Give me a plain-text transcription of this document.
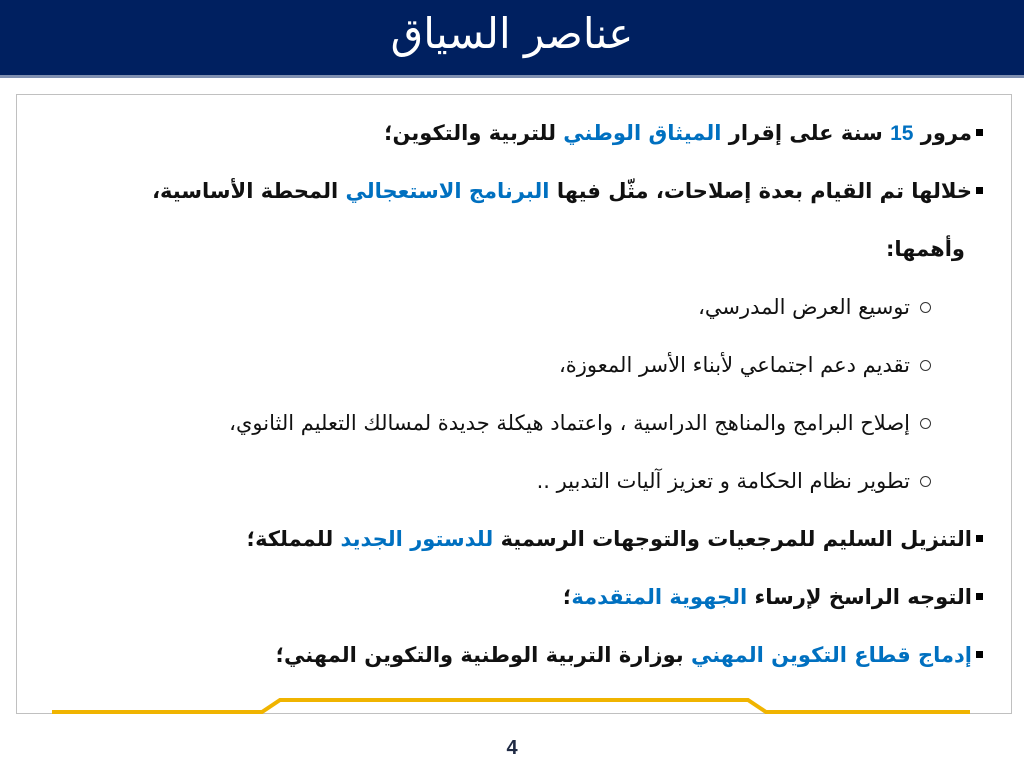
عناصر السياق
مرور 15 سنة على إقرار الميثاق الوطني للتربية والتكوين؛
خلالها تم القيام بعدة إصلاحات، مثّل فيها البرنامج الاستعجالي المحطة الأساسية،
وأهمها:
توسيع العرض المدرسي،
تقديم دعم اجتماعي لأبناء الأسر المعوزة،
إصلاح البرامج والمناهج الدراسية ، واعتماد هيكلة جديدة لمسالك التعليم الثانوي،
تطوير نظام الحكامة و تعزيز آليات التدبير ..
التنزيل السليم للمرجعيات والتوجهات الرسمية للدستور الجديد للمملكة؛
التوجه الراسخ لإرساء الجهوية المتقدمة؛
إدماج قطاع التكوين المهني بوزارة التربية الوطنية والتكوين المهني؛
4
